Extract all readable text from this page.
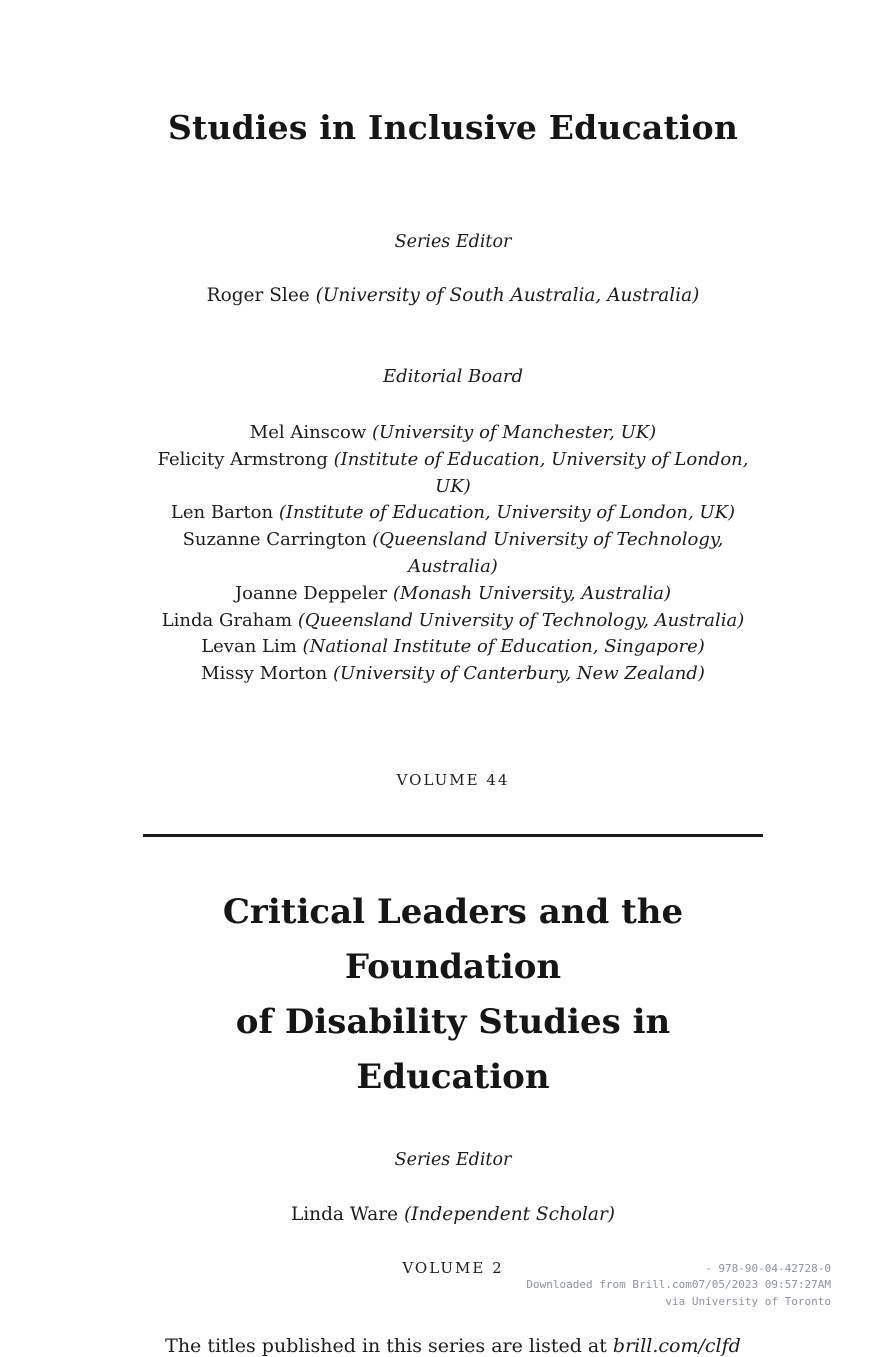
Studies in Inclusive Education
Series Editor
Roger Slee (University of South Australia, Australia)
Editorial Board
Mel Ainscow (University of Manchester, UK)
Felicity Armstrong (Institute of Education, University of London, UK)
Len Barton (Institute of Education, University of London, UK)
Suzanne Carrington (Queensland University of Technology, Australia)
Joanne Deppeler (Monash University, Australia)
Linda Graham (Queensland University of Technology, Australia)
Levan Lim (National Institute of Education, Singapore)
Missy Morton (University of Canterbury, New Zealand)
VOLUME 44
Critical Leaders and the Foundation
of Disability Studies in Education
Series Editor
Linda Ware (Independent Scholar)
VOLUME 2
The titles published in this series are listed at brill.com/clfd
- 978-90-04-42728-0
Downloaded from Brill.com07/05/2023 09:57:27AM
via University of Toronto
